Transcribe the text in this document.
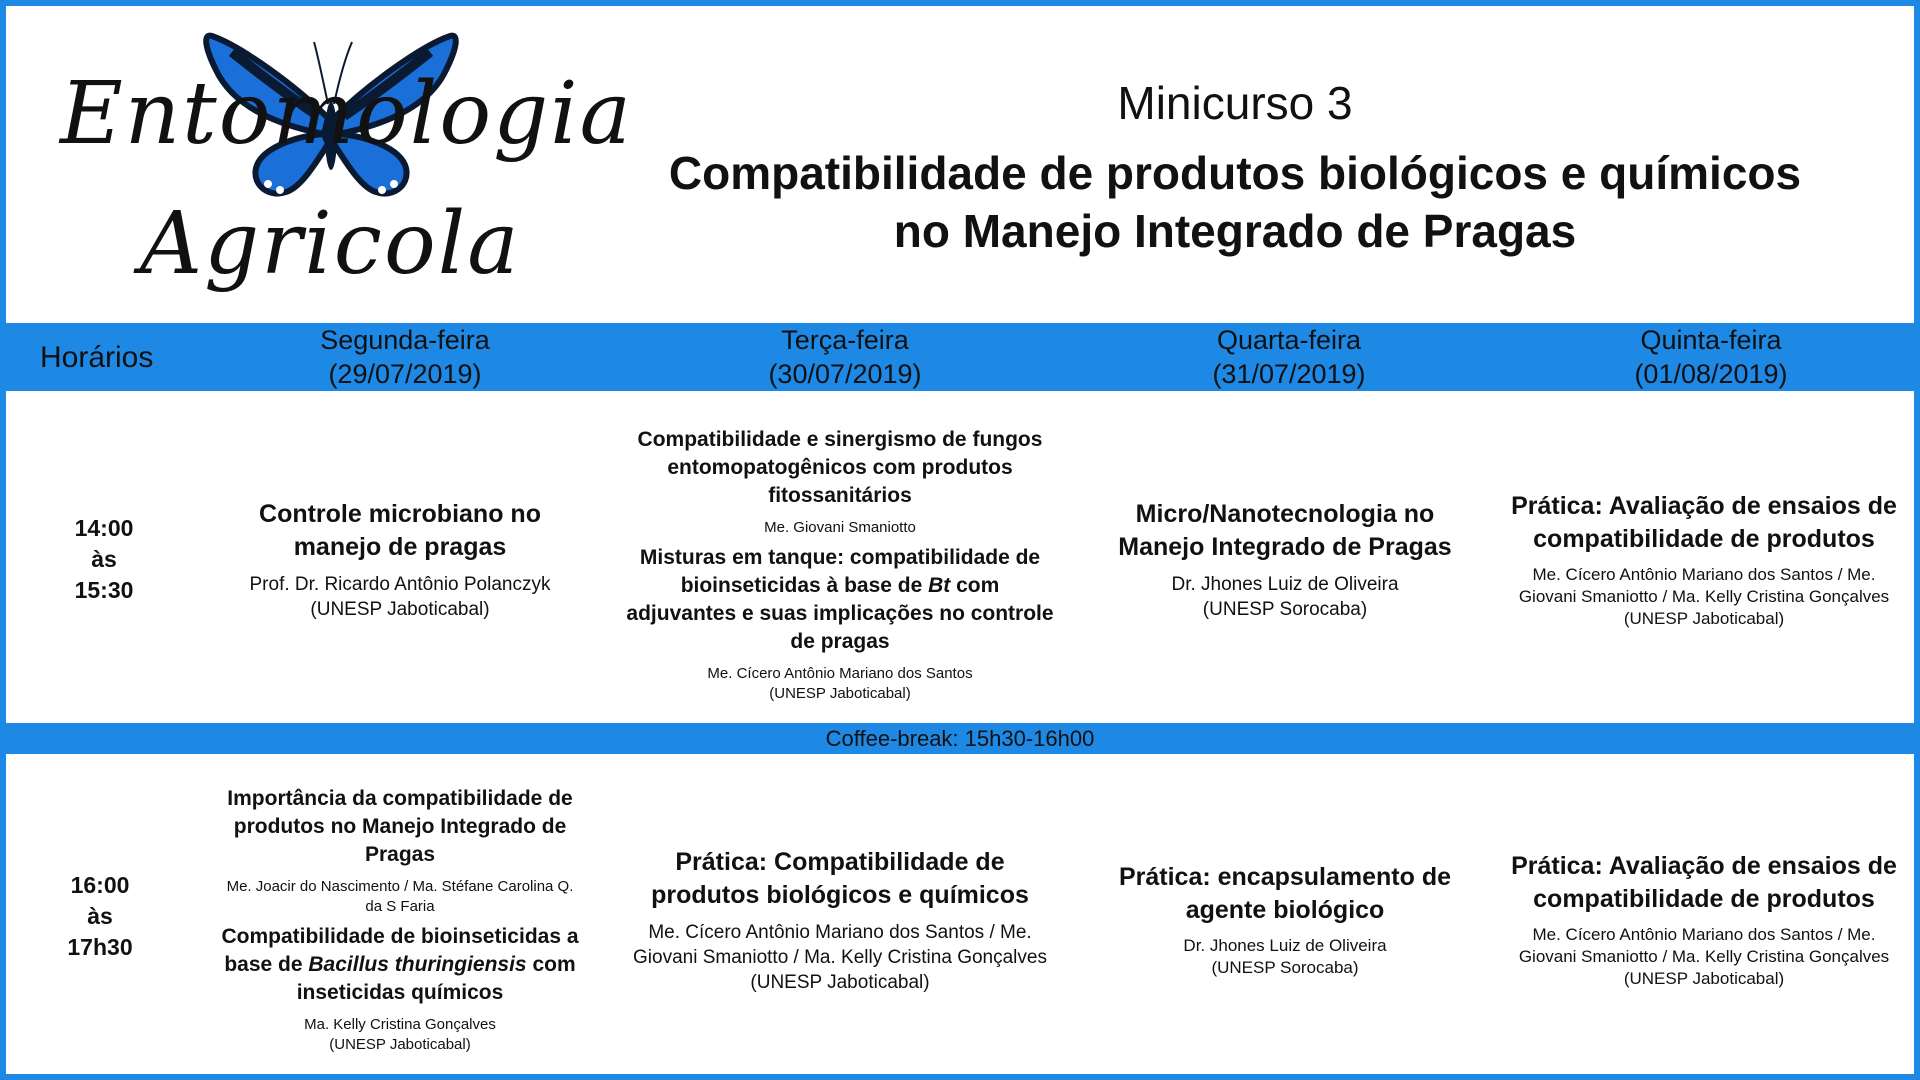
Entomologia
Agricola
Minicurso 3
Compatibilidade de produtos biológicos e químicos
no Manejo Integrado de Pragas
Horários
Segunda-feira
(29/07/2019)
Terça-feira
(30/07/2019)
Quarta-feira
(31/07/2019)
Quinta-feira
(01/08/2019)
14:00
às
15:30
Controle microbiano no
manejo de pragas
Prof. Dr. Ricardo Antônio Polanczyk
(UNESP Jaboticabal)
Compatibilidade e sinergismo de fungos
entomopatogênicos com produtos
fitossanitários
Me. Giovani Smaniotto
Misturas em tanque: compatibilidade de
bioinseticidas à base de Bt com
adjuvantes e suas implicações no controle
de pragas
Me. Cícero Antônio Mariano dos Santos
(UNESP Jaboticabal)
Micro/Nanotecnologia no
Manejo Integrado de Pragas
Dr. Jhones Luiz de Oliveira
(UNESP Sorocaba)
Prática: Avaliação de ensaios de
compatibilidade de produtos
Me. Cícero Antônio Mariano dos Santos / Me.
Giovani Smaniotto / Ma. Kelly Cristina Gonçalves
(UNESP Jaboticabal)
Coffee-break: 15h30-16h00
16:00
às
17h30
Importância da compatibilidade de
produtos no Manejo Integrado de
Pragas
Me. Joacir do Nascimento / Ma. Stéfane Carolina Q.
da S Faria
Compatibilidade de bioinseticidas a
base de Bacillus thuringiensis com
inseticidas químicos
Ma. Kelly Cristina Gonçalves
(UNESP Jaboticabal)
Prática: Compatibilidade de
produtos biológicos e químicos
Me. Cícero Antônio Mariano dos Santos / Me.
Giovani Smaniotto / Ma. Kelly Cristina Gonçalves
(UNESP Jaboticabal)
Prática: encapsulamento de
agente biológico
Dr. Jhones Luiz de Oliveira
(UNESP Sorocaba)
Prática: Avaliação de ensaios de
compatibilidade de produtos
Me. Cícero Antônio Mariano dos Santos / Me.
Giovani Smaniotto / Ma. Kelly Cristina Gonçalves
(UNESP Jaboticabal)
